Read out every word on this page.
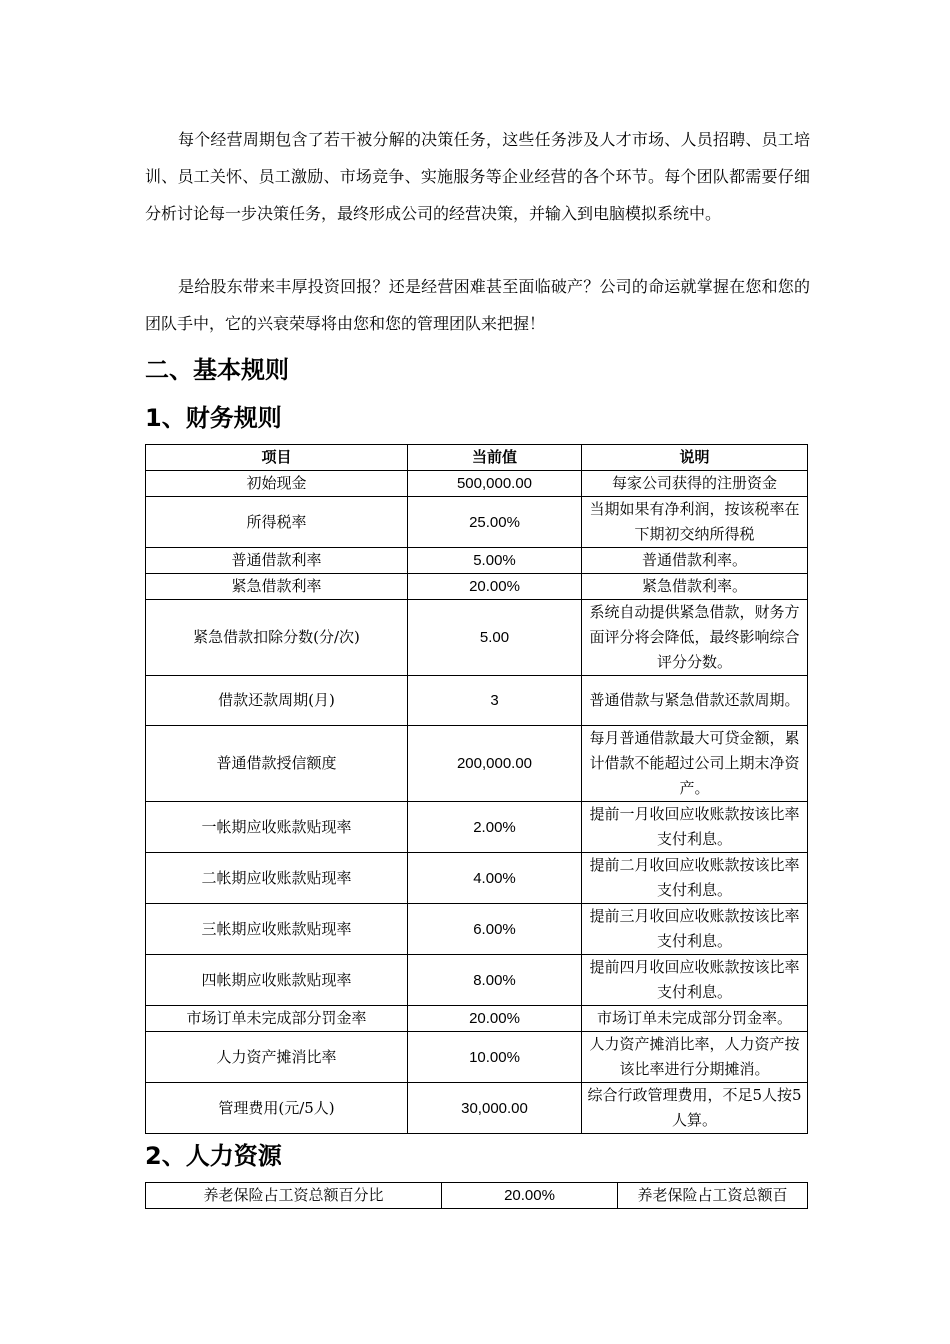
每个经营周期包含了若干被分解的决策任务，这些任务涉及人才市场、人员招聘、员工培训、员工关怀、员工激励、市场竞争、实施服务等企业经营的各个环节。每个团队都需要仔细分析讨论每一步决策任务，最终形成公司的经营决策，并输入到电脑模拟系统中。

是给股东带来丰厚投资回报？还是经营困难甚至面临破产？公司的命运就掌握在您和您的团队手中，它的兴衰荣辱将由您和您的管理团队来把握！

二、基本规则
1、财务规则
项目	当前值	说明
初始现金	500,000.00	每家公司获得的注册资金
所得税率	25.00%	当期如果有净利润，按该税率在下期初交纳所得税
普通借款利率	5.00%	普通借款利率。
紧急借款利率	20.00%	紧急借款利率。
紧急借款扣除分数(分/次)	5.00	系统自动提供紧急借款，财务方面评分将会降低，最终影响综合评分分数。
借款还款周期(月)	3	普通借款与紧急借款还款周期。
普通借款授信额度	200,000.00	每月普通借款最大可贷金额，累计借款不能超过公司上期末净资产。
一帐期应收账款贴现率	2.00%	提前一月收回应收账款按该比率支付利息。
二帐期应收账款贴现率	4.00%	提前二月收回应收账款按该比率支付利息。
三帐期应收账款贴现率	6.00%	提前三月收回应收账款按该比率支付利息。
四帐期应收账款贴现率	8.00%	提前四月收回应收账款按该比率支付利息。
市场订单未完成部分罚金率	20.00%	市场订单未完成部分罚金率。
人力资产摊消比率	10.00%	人力资产摊消比率，人力资产按该比率进行分期摊消。
管理费用(元/5人)	30,000.00	综合行政管理费用，不足5人按5人算。
2、人力资源
养老保险占工资总额百分比	20.00%	养老保险占工资总额百
